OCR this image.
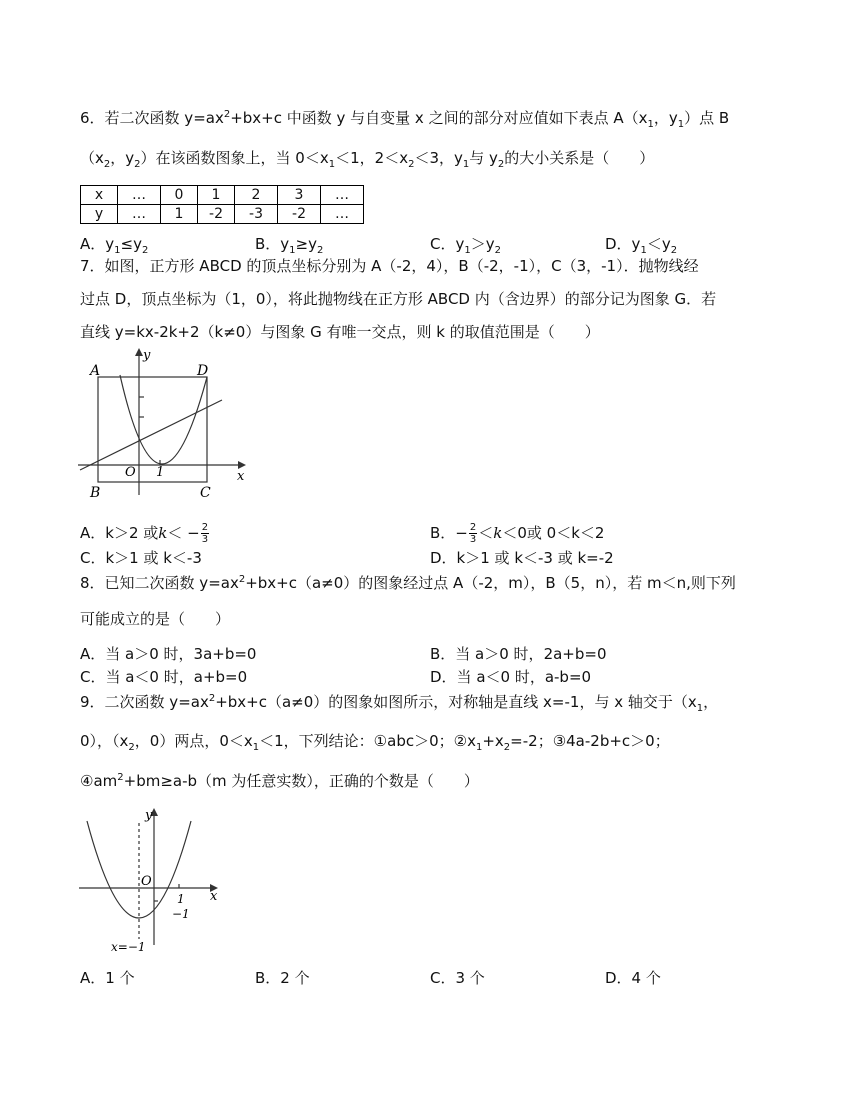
6．若二次函数 $y=ax^2+bx+c$ 中函数 y 与自变量 x 之间的部分对应值如下表点 $A(x_1$，$y_1$）点 B
（$x_2$，$y_2$）在该函数图象上，当 $0<x_1<1$，$2<x_2<3$，$y_1$与 $y_2$的大小关系是（　　）
x	…	0	1	2	3	…
y	…	1	-2	-3	-2	…
A．$y_1\le y_2$	B．$y_1\ge y_2$	C．$y_1>y_2$	D．$y_1<y_2$
7．如图，正方形 ABCD 的顶点坐标分别为 A（-2，4），B（-2，-1），C（3，-1）．抛物线经
过点 D，顶点坐标为（1，0），将此抛物线在正方形 ABCD 内（含边界）的部分记为图象 G．若
直线 y=kx-2k+2（k≠0）与图象 G 有唯一交点，则 k 的取值范围是（　　）
A	D
B	C
O 1	x
y
A．k＞2 或$k< - \frac{2}{3}$	B．− $\frac{2}{3} <k<0$或 0＜k＜2
C．k＞1 或 k＜-3	D．k＞1 或 k＜-3 或 k=-2
8．已知二次函数 $y=ax^2+bx+c(a\ne 0)$的图象经过点 A（-2，m），B（5，n），若 m＜n,则下列
可能成立的是（　　）
A．当 a＞0 时，3a+b=0	B．当 a＞0 时，2a+b=0
C．当 a＜0 时，a+b=0	D．当 a＜0 时，a-b=0
9．二次函数 $y=ax^2+bx+c(a\ne 0)$的图象如图所示，对称轴是直线 x=-1，与 x 轴交于（$x_1$，
0），（$x_2$，0）两点，$0<x_1<1$，下列结论：①abc＞0；$②x_1+x_2=-2$；③4a-2b+c＞0；
$④am^2+bm\ge a-b(m$ 为任意实数），正确的个数是（　　）
y
O
x
1
−1
x=−1
A．1 个	B．2 个	C．3 个	D．4 个
